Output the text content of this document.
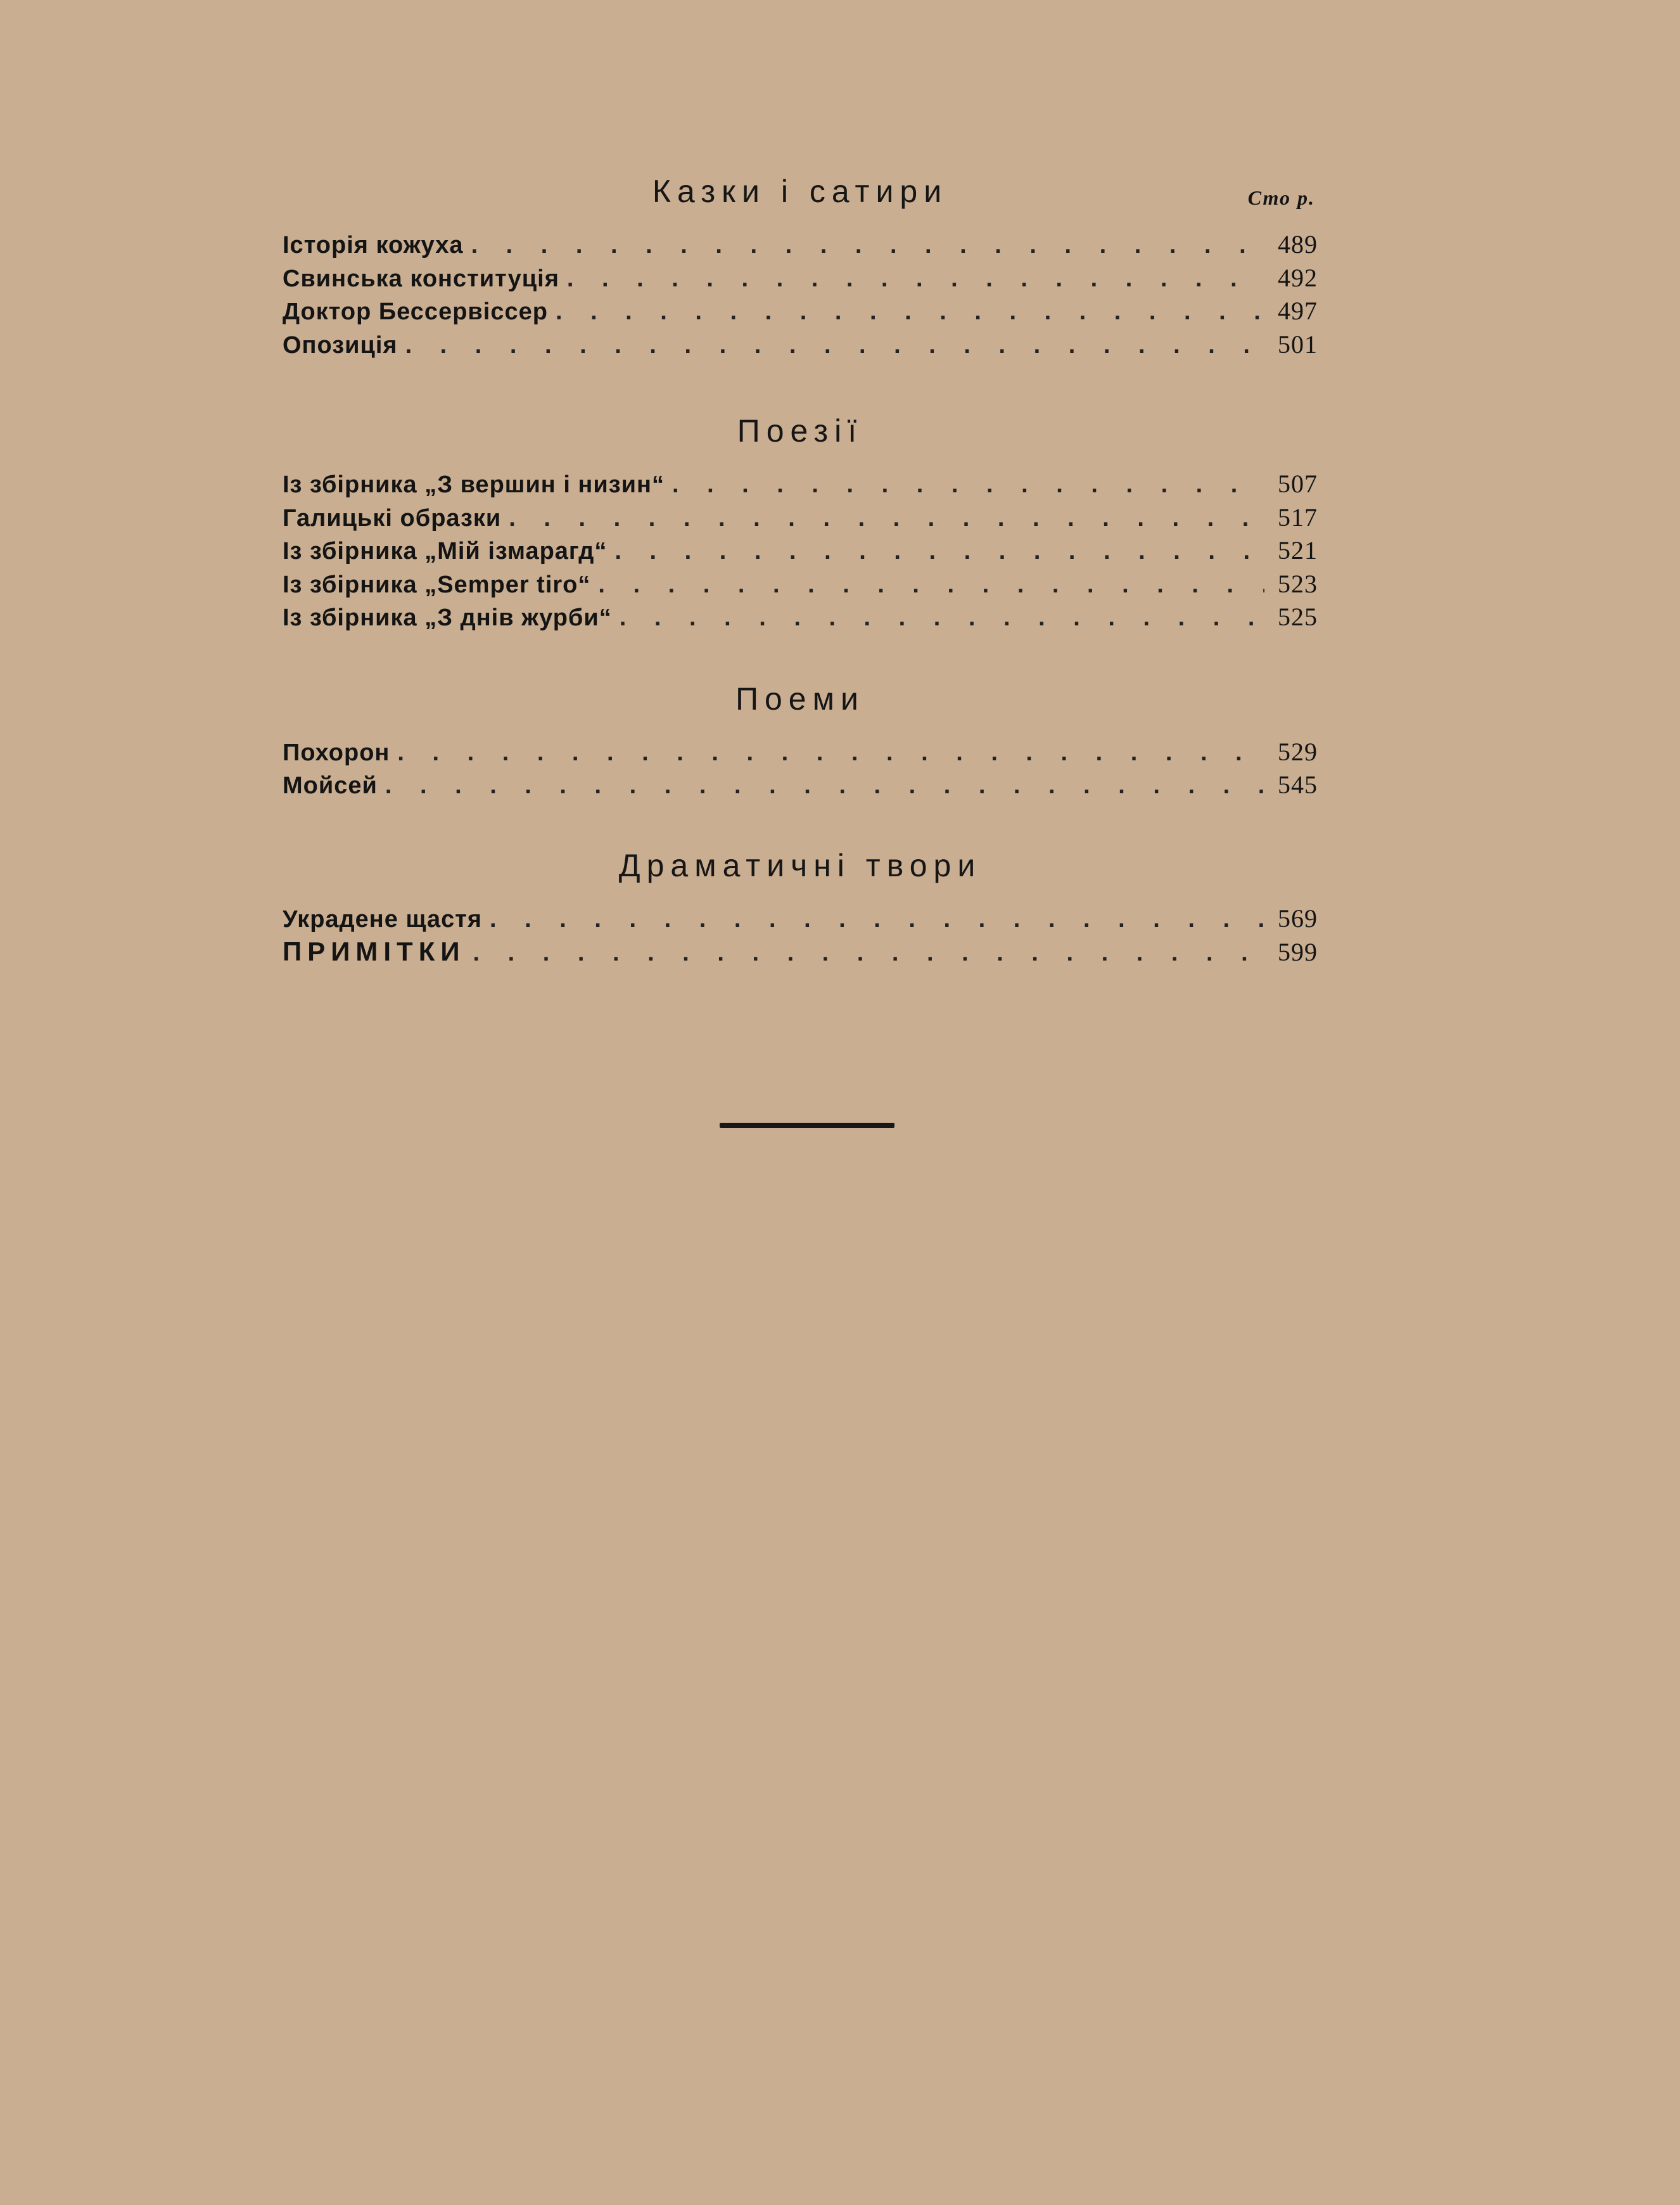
Казки і сатири	Сто р.
Історія кожуха . . .	489
Свинська конституція . . .	492
Доктор Бессервіссер . . .	497
Опозиція . . .	501
Поезії
Із збірника „З вершин і низин“ . . .	507
Галицькі образки . . .	517
Із збірника „Мій ізмарагд“ . . .	521
Із збірника „Semper tiro“ . . .	523
Із збірника „З днів журби“ . . .	525
Поеми
Похорон . . .	529
Мойсей . . .	545
Драматичні твори
Украдене щастя . . .	569
ПРИМІТКИ . . .	599
